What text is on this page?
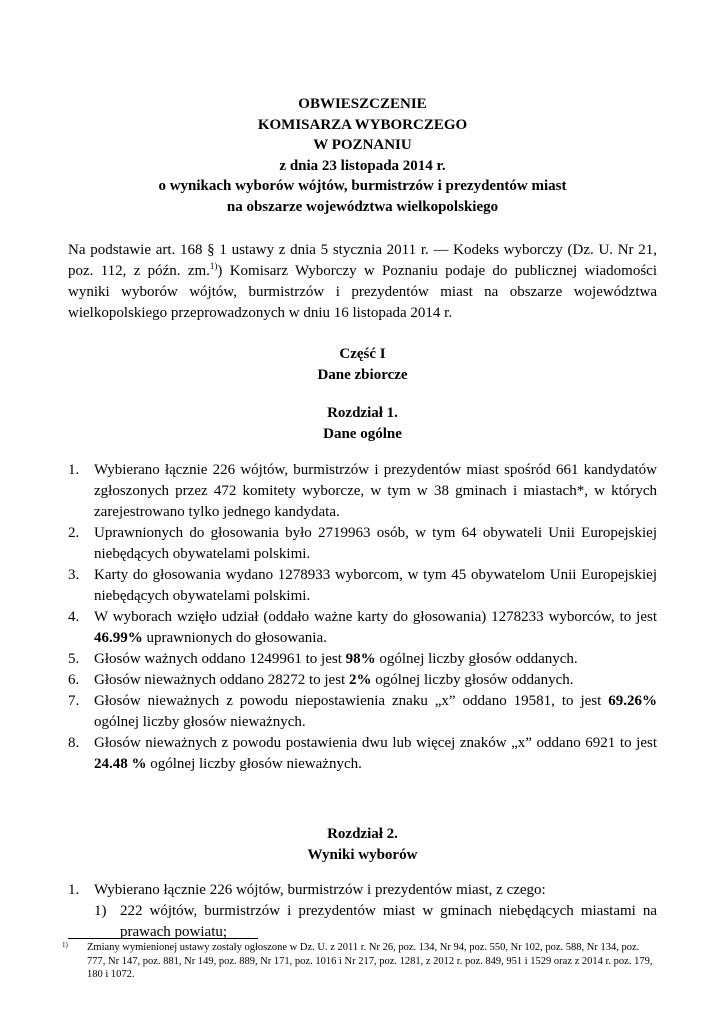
OBWIESZCZENIE
KOMISARZA WYBORCZEGO
W POZNANIU
z dnia 23 listopada 2014 r.
o wynikach wyborów wójtów, burmistrzów i prezydentów miast
na obszarze województwa wielkopolskiego
Na podstawie art. 168 § 1 ustawy z dnia 5 stycznia 2011 r. — Kodeks wyborczy (Dz. U. Nr 21, poz. 112, z późn. zm.$^{1)}$) Komisarz Wyborczy w Poznaniu podaje do publicznej wiadomości wyniki wyborów wójtów, burmistrzów i prezydentów miast na obszarze województwa wielkopolskiego przeprowadzonych w dniu 16 listopada 2014 r.
Część I
Dane zbiorcze
Rozdział 1.
Dane ogólne
1. Wybierano łącznie 226 wójtów, burmistrzów i prezydentów miast spośród 661 kandydatów zgłoszonych przez 472 komitety wyborcze, w tym w 38 gminach i miastach*, w których zarejestrowano tylko jednego kandydata.
2. Uprawnionych do głosowania było 2719963 osób, w tym 64 obywateli Unii Europejskiej niebędących obywatelami polskimi.
3. Karty do głosowania wydano 1278933 wyborcom, w tym 45 obywatelom Unii Europejskiej niebędących obywatelami polskimi.
4. W wyborach wzięło udział (oddało ważne karty do głosowania) 1278233 wyborców, to jest 46.99% uprawnionych do głosowania.
5. Głosów ważnych oddano 1249961 to jest 98% ogólnej liczby głosów oddanych.
6. Głosów nieważnych oddano 28272 to jest 2% ogólnej liczby głosów oddanych.
7. Głosów nieważnych z powodu niepostawienia znaku „x” oddano 19581, to jest 69.26% ogólnej liczby głosów nieważnych.
8. Głosów nieważnych z powodu postawienia dwu lub więcej znaków „x” oddano 6921 to jest 24.48 % ogólnej liczby głosów nieważnych.
Rozdział 2.
Wyniki wyborów
1. Wybierano łącznie 226 wójtów, burmistrzów i prezydentów miast, z czego:
1) 222 wójtów, burmistrzów i prezydentów miast w gminach niebędących miastami na prawach powiatu;
1)	Zmiany wymienionej ustawy zostały ogłoszone w Dz. U. z 2011 r. Nr 26, poz. 134, Nr 94, poz. 550, Nr 102, poz. 588, Nr 134, poz. 777, Nr 147, poz. 881, Nr 149, poz. 889, Nr 171, poz. 1016 i Nr 217, poz. 1281, z 2012 r. poz. 849, 951 i 1529 oraz z 2014 r. poz. 179, 180 i 1072.
